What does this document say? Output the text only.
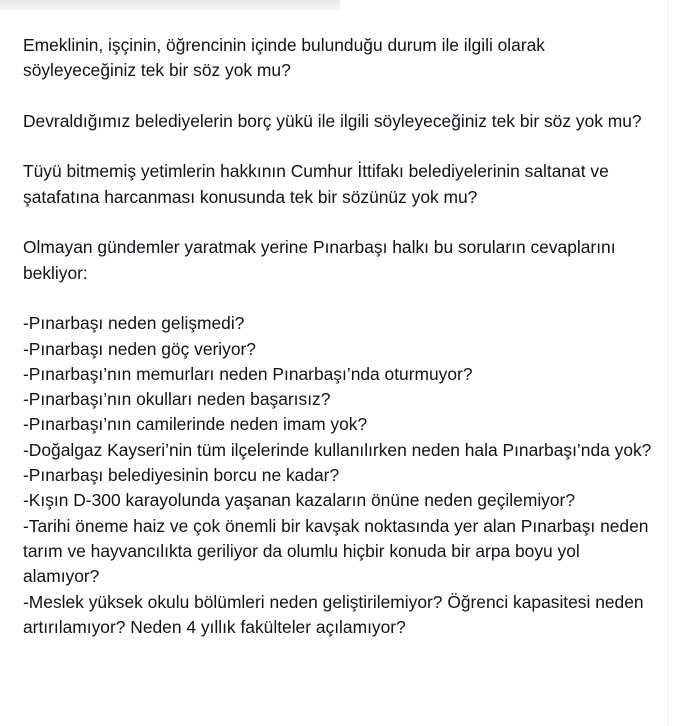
Emeklinin, işçinin, öğrencinin içinde bulunduğu durum ile ilgili olarak söyleyeceğiniz tek bir söz yok mu?

Devraldığımız belediyelerin borç yükü ile ilgili söyleyeceğiniz tek bir söz yok mu?

Tüyü bitmemiş yetimlerin hakkının Cumhur İttifakı belediyelerinin saltanat ve şatafatına harcanması konusunda tek bir sözünüz yok mu?

Olmayan gündemler yaratmak yerine Pınarbaşı halkı bu soruların cevaplarını bekliyor:

-Pınarbaşı neden gelişmedi?
-Pınarbaşı neden göç veriyor?
-Pınarbaşı’nın memurları neden Pınarbaşı’nda oturmuyor?
-Pınarbaşı’nın okulları neden başarısız?
-Pınarbaşı’nın camilerinde neden imam yok?
-Doğalgaz Kayseri’nin tüm ilçelerinde kullanılırken neden hala Pınarbaşı’nda yok?
-Pınarbaşı belediyesinin borcu ne kadar?
-Kışın D-300 karayolunda yaşanan kazaların önüne neden geçilemiyor?
-Tarihi öneme haiz ve çok önemli bir kavşak noktasında yer alan Pınarbaşı neden tarım ve hayvancılıkta geriliyor da olumlu hiçbir konuda bir arpa boyu yol alamıyor?
-Meslek yüksek okulu bölümleri neden geliştirilemiyor? Öğrenci kapasitesi neden artırılamıyor? Neden 4 yıllık fakülteler açılamıyor?
